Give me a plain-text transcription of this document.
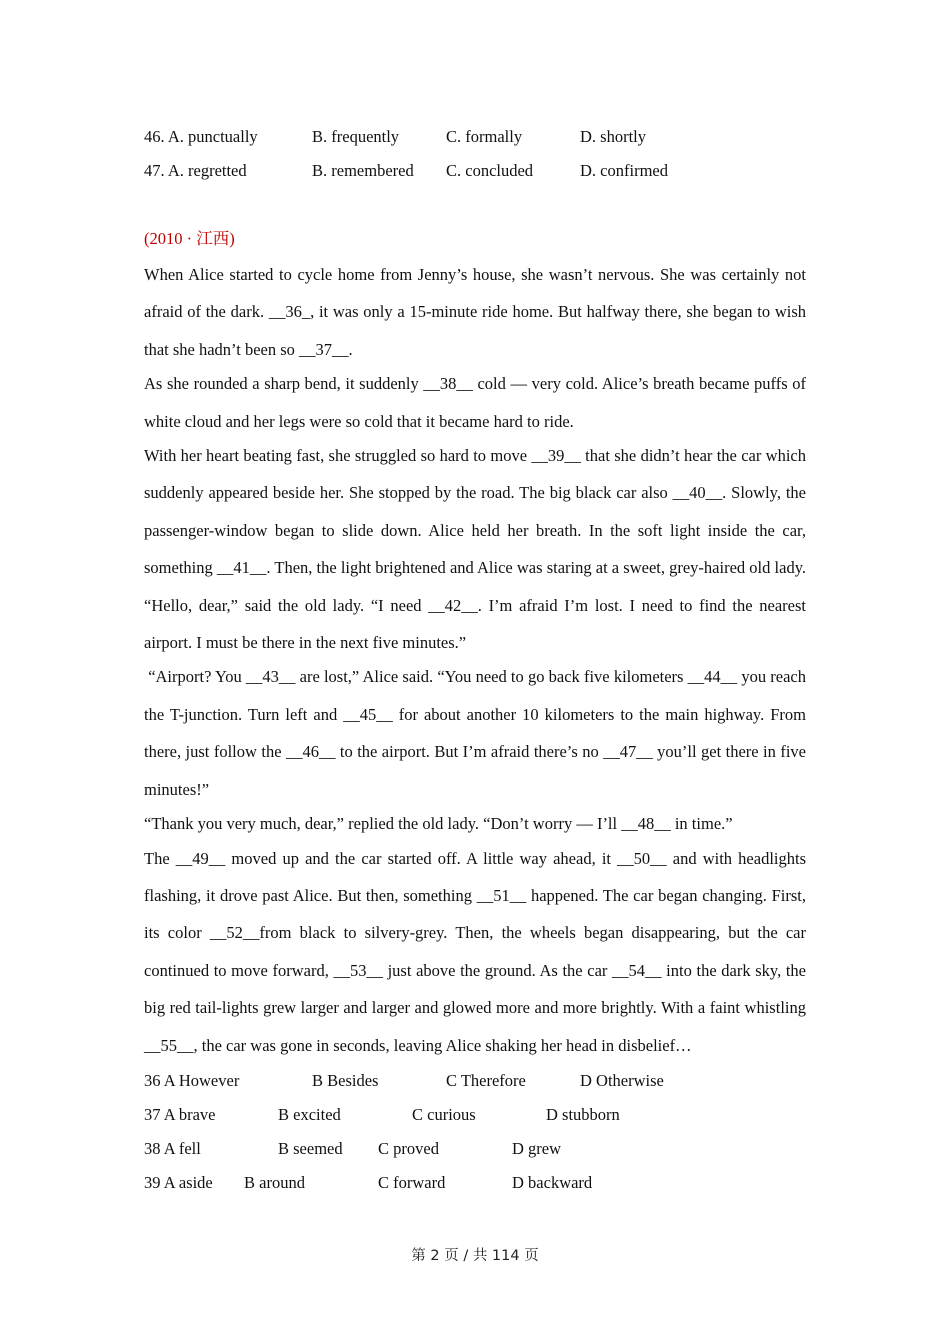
46. A. punctually	B. frequently	C. formally	D. shortly
47. A. regretted	B. remembered C. concluded	D. confirmed
(2010 · 江西)

When Alice started to cycle home from Jenny’s house, she wasn’t nervous. She was certainly not afraid of the dark. __36_, it was only a 15-minute ride home. But halfway there, she began to wish that she hadn’t been so __37__.

As she rounded a sharp bend, it suddenly __38__ cold — very cold. Alice’s breath became puffs of white cloud and her legs were so cold that it became hard to ride.

With her heart beating fast, she struggled so hard to move __39__ that she didn’t hear the car which suddenly appeared beside her. She stopped by the road. The big black car also __40__. Slowly, the passenger-window began to slide down. Alice held her breath. In the soft light inside the car, something __41__. Then, the light brightened and Alice was staring at a sweet, grey-haired old lady. “Hello, dear,” said the old lady. “I need __42__. I’m afraid I’m lost. I need to find the nearest airport. I must be there in the next five minutes.”

“Airport? You __43__ are lost,” Alice said. “You need to go back five kilometers __44__ you reach the T-junction. Turn left and __45__ for about another 10 kilometers to the main highway. From there, just follow the __46__ to the airport. But I’m afraid there’s no __47__ you’ll get there in five minutes!”

“Thank you very much, dear,” replied the old lady. “Don’t worry — I’ll __48__ in time.”

The __49__ moved up and the car started off. A little way ahead, it __50__ and with headlights flashing, it drove past Alice. But then, something __51__ happened. The car began changing. First, its color __52__from black to silvery-grey. Then, the wheels began disappearing, but the car continued to move forward, __53__ just above the ground. As the car __54__ into the dark sky, the big red tail-lights grew larger and larger and glowed more and more brightly. With a faint whistling __55__, the car was gone in seconds, leaving Alice shaking her head in disbelief…

36 A However	B Besides	C Therefore	D Otherwise
37 A brave	B excited	C curious	D stubborn
38 A fell	B seemed C proved	D grew
39 A aside B around	C forward	D backward
第 2 页 / 共 114 页
